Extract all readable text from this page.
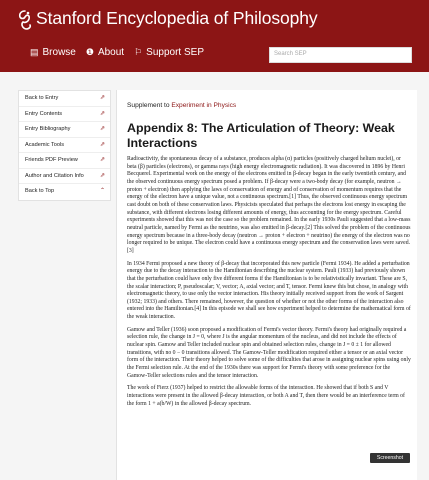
Stanford Encyclopedia of Philosophy
▤ Browse ❶ About ⚐ Support SEP	Search SEP
Back to Entry	⇗
Entry Contents	⇗
Entry Bibliography	⇗
Academic Tools	⇗
Friends PDF Preview	⇗
Author and Citation Info	⇗
Back to Top	⌃
Supplement to Experiment in Physics
Appendix 8: The Articulation of Theory: Weak Interactions

Radioactivity, the spontaneous decay of a substance, produces alpha (α) particles (positively charged helium nuclei), or beta (β) particles (electrons), or gamma rays (high energy electromagnetic radiation). It was discovered in 1896 by Henri Becquerel. Experimental work on the energy of the electrons emitted in β-decay began in the early twentieth century, and the observed continuous energy spectrum posed a problem. If β-decay were a two-body decay (for example, neutron → proton + electron) then applying the laws of conservation of energy and of conservation of momentum requires that the energy of the electron have a unique value, not a continuous spectrum.[1] Thus, the observed continuous energy spectrum cast doubt on both of these conservation laws. Physicists speculated that perhaps the electrons lost energy in escaping the substance, with different electrons losing different amounts of energy, thus accounting for the energy spectrum. Careful experiments showed that this was not the case so the problem remained. In the early 1930s Pauli suggested that a low-mass neutral particle, named by Fermi as the neutrino, was also emitted in β-decay.[2] This solved the problem of the continuous energy spectrum because in a three-body decay (neutron → proton + electron + neutrino) the energy of the electron was no longer required to be unique. The electron could have a continuous energy spectrum and the conservation laws were saved.[3]

In 1934 Fermi proposed a new theory of β-decay that incorporated this new particle (Fermi 1934). He added a perturbation energy due to the decay interaction to the Hamiltonian describing the nuclear system. Pauli (1933) had previously shown that the perturbation could have only five different forms if the Hamiltonian is to be relativistically invariant. These are S, the scalar interaction; P, pseudoscalar; V, vector; A, axial vector; and T, tensor. Fermi knew this but chose, in analogy with electromagnetic theory, to use only the vector interaction. His theory initially received support from the work of Sargent (1932; 1933) and others. There remained, however, the question of whether or not the other forms of the interaction also entered into the Hamiltonian.[4] In this episode we shall see how experiment helped to determine the mathematical form of the weak interaction.

Gamow and Teller (1936) soon proposed a modification of Fermi's vector theory. Fermi's theory had originally required a selection rule, the change in J = 0, where J is the angular momentum of the nucleus, and did not include the effects of nuclear spin. Gamow and Teller included nuclear spin and obtained selection rules, change in J = 0 ± 1 for allowed transitions, with no 0 − 0 transitions allowed. The Gamow-Teller modification required either a tensor or an axial vector form of the interaction. Their theory helped to solve some of the difficulties that arose in assigning nuclear spins using only the Fermi selection rule. At the end of the 1930s there was support for Fermi's theory with some preference for the Gamow-Teller selections rules and the tensor interaction.

The work of Fierz (1937) helped to restrict the allowable forms of the interaction. He showed that if both S and V interactions were present in the allowed β-decay interaction, or both A and T, then there would be an interference term of the form 1 + a(b/W) in the allowed β-decay spectrum.

Screenshot
